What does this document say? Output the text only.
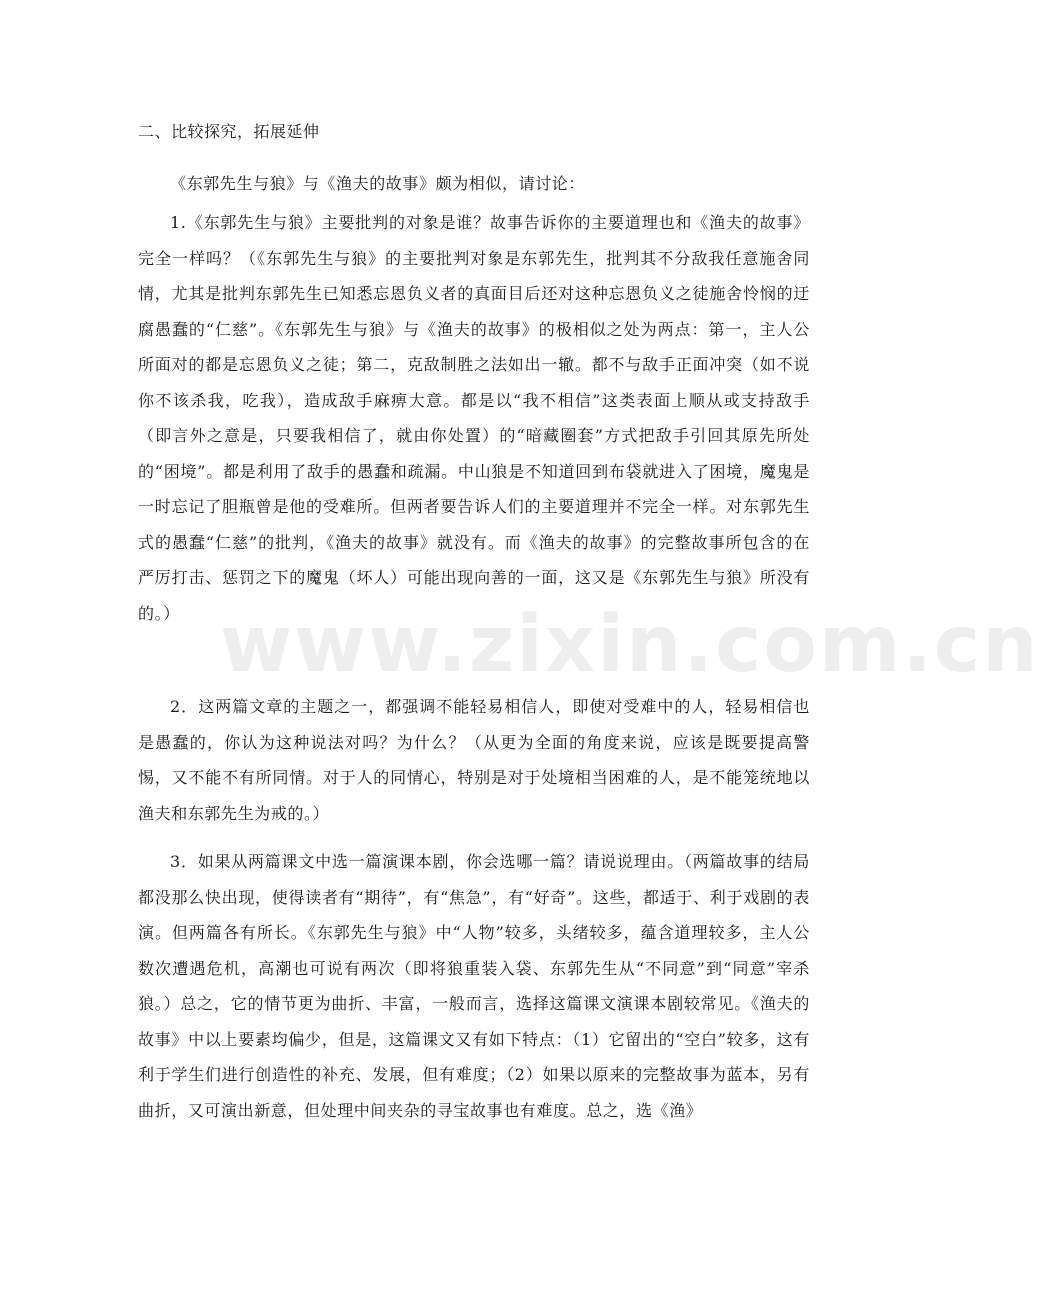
二、比较探究，拓展延伸

《东郭先生与狼》与《渔夫的故事》颇为相似，请讨论：

1.《东郭先生与狼》主要批判的对象是谁？故事告诉你的主要道理也和《渔夫的故事》完全一样吗？（《东郭先生与狼》的主要批判对象是东郭先生，批判其不分敌我任意施舍同情，尤其是批判东郭先生已知悉忘恩负义者的真面目后还对这种忘恩负义之徒施舍怜悯的迂腐愚蠢的“仁慈”。《东郭先生与狼》与《渔夫的故事》的极相似之处为两点：第一，主人公所面对的都是忘恩负义之徒；第二，克敌制胜之法如出一辙。都不与敌手正面冲突（如不说你不该杀我，吃我），造成敌手麻痹大意。都是以“我不相信”这类表面上顺从或支持敌手（即言外之意是，只要我相信了，就由你处置）的“暗藏圈套”方式把敌手引回其原先所处的“困境”。都是利用了敌手的愚蠢和疏漏。中山狼是不知道回到布袋就进入了困境，魔鬼是一时忘记了胆瓶曾是他的受难所。但两者要告诉人们的主要道理并不完全一样。对东郭先生式的愚蠢“仁慈”的批判，《渔夫的故事》就没有。而《渔夫的故事》的完整故事所包含的在严厉打击、惩罚之下的魔鬼（坏人）可能出现向善的一面，这又是《东郭先生与狼》所没有的。）

2．这两篇文章的主题之一，都强调不能轻易相信人，即使对受难中的人，轻易相信也是愚蠢的，你认为这种说法对吗？为什么？（从更为全面的角度来说，应该是既要提高警惕，又不能不有所同情。对于人的同情心，特别是对于处境相当困难的人，是不能笼统地以渔夫和东郭先生为戒的。）

3．如果从两篇课文中选一篇演课本剧，你会选哪一篇？请说说理由。（两篇故事的结局都没那么快出现，使得读者有“期待”，有“焦急”，有“好奇”。这些，都适于、利于戏剧的表演。但两篇各有所长。《东郭先生与狼》中“人物”较多，头绪较多，蕴含道理较多，主人公数次遭遇危机，高潮也可说有两次（即将狼重装入袋、东郭先生从“不同意”到“同意”宰杀狼。）总之，它的情节更为曲折、丰富，一般而言，选择这篇课文演课本剧较常见。《渔夫的故事》中以上要素均偏少，但是，这篇课文又有如下特点：（1）它留出的“空白”较多，这有利于学生们进行创造性的补充、发展，但有难度；（2）如果以原来的完整故事为蓝本，另有曲折，又可演出新意，但处理中间夹杂的寻宝故事也有难度。总之，选《渔》

www.zixin.com.cn
